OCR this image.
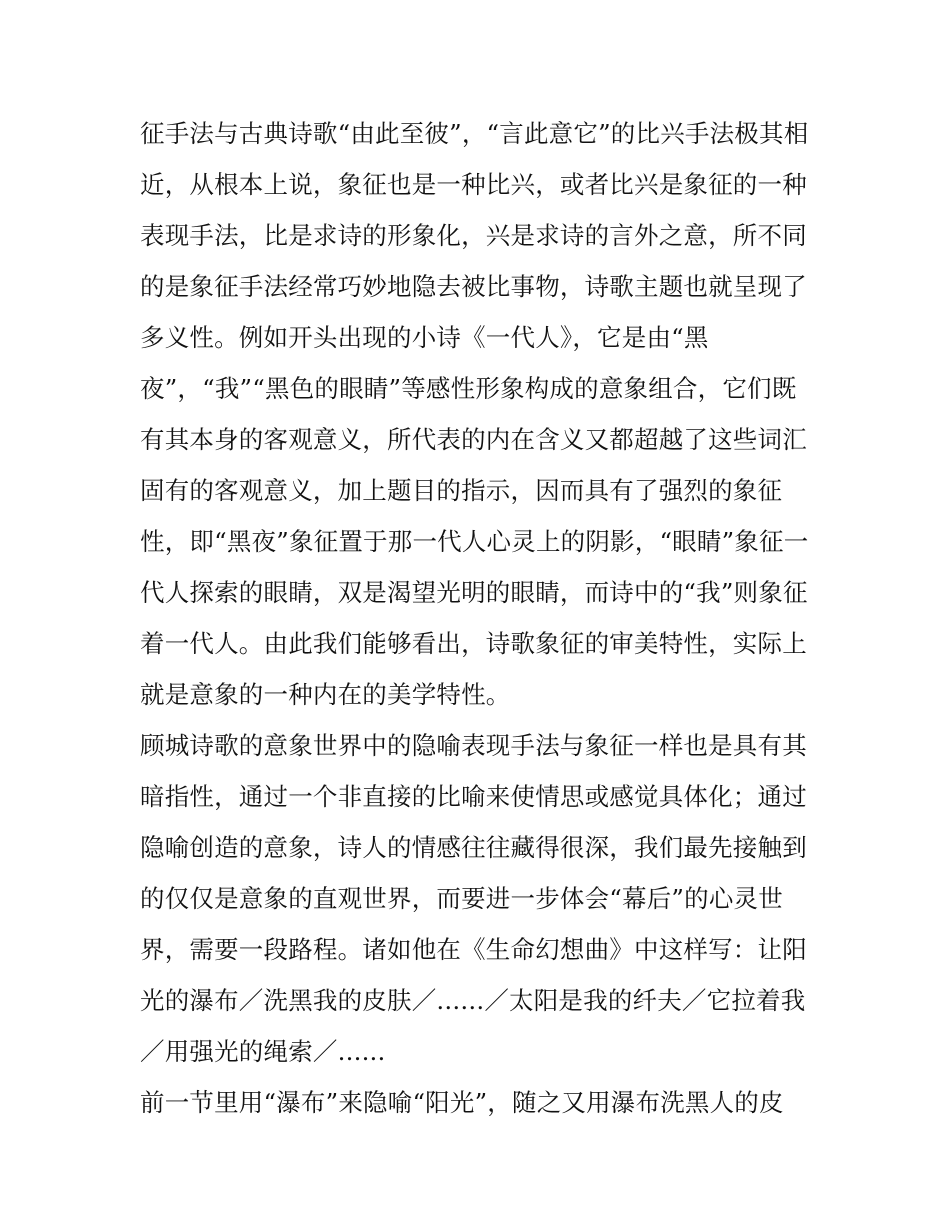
征手法与古典诗歌“由此至彼”，“言此意它”的比兴手法极其相
近，从根本上说，象征也是一种比兴，或者比兴是象征的一种
表现手法，比是求诗的形象化，兴是求诗的言外之意，所不同
的是象征手法经常巧妙地隐去被比事物，诗歌主题也就呈现了
多义性。例如开头出现的小诗《一代人》，它是由“黑
夜”，“我”“黑色的眼睛”等感性形象构成的意象组合，它们既
有其本身的客观意义，所代表的内在含义又都超越了这些词汇
固有的客观意义，加上题目的指示，因而具有了强烈的象征
性，即“黑夜”象征置于那一代人心灵上的阴影，“眼睛”象征一
代人探索的眼睛，双是渴望光明的眼睛，而诗中的“我”则象征
着一代人。由此我们能够看出，诗歌象征的审美特性，实际上
就是意象的一种内在的美学特性。
顾城诗歌的意象世界中的隐喻表现手法与象征一样也是具有其
暗指性，通过一个非直接的比喻来使情思或感觉具体化；通过
隐喻创造的意象，诗人的情感往往藏得很深，我们最先接触到
的仅仅是意象的直观世界，而要进一步体会“幕后”的心灵世
界，需要一段路程。诸如他在《生命幻想曲》中这样写：让阳
光的瀑布／洗黑我的皮肤／......／太阳是我的纤夫／它拉着我
／用强光的绳索／......
前一节里用“瀑布”来隐喻“阳光”，随之又用瀑布洗黑人的皮
